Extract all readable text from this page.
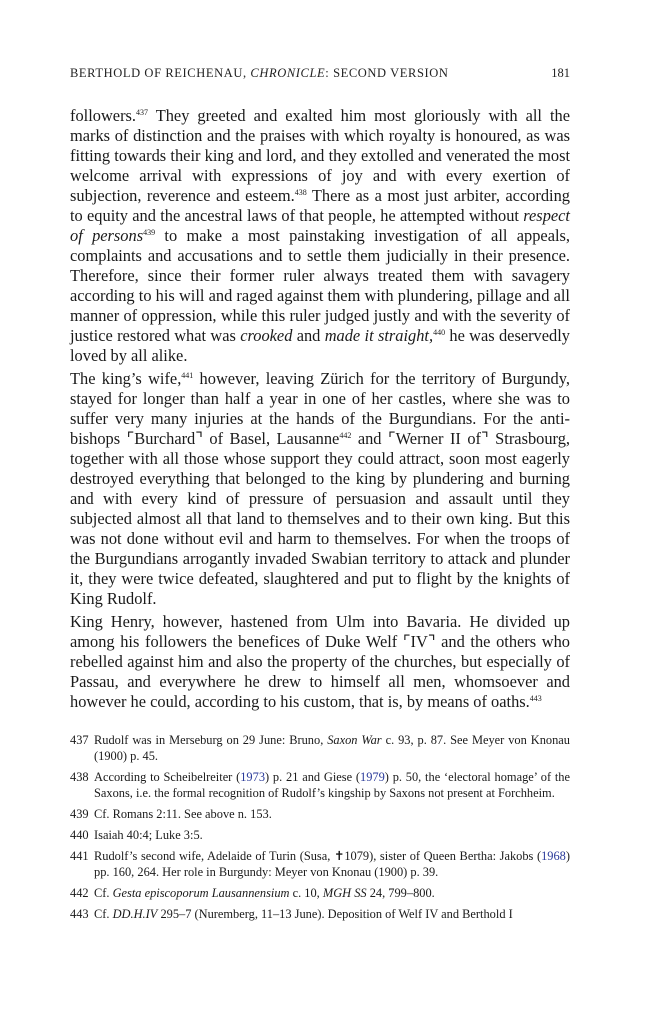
BERTHOLD OF REICHENAU, CHRONICLE: SECOND VERSION	181

followers.$^{437}$ They greeted and exalted him most gloriously with all the marks of distinction and the praises with which royalty is honoured, as was fitting towards their king and lord, and they extolled and venerated the most welcome arrival with expressions of joy and with every exertion of subjection, reverence and esteem.$^{438}$ There as a most just arbiter, according to equity and the ancestral laws of that people, he attempted without respect of persons$^{439}$ to make a most painstaking investigation of all appeals, complaints and accusations and to settle them judicially in their presence. Therefore, since their former ruler always treated them with savagery according to his will and raged against them with plundering, pillage and all manner of oppression, while this ruler judged justly and with the severity of justice restored what was crooked and made it straight,$^{440}$ he was deservedly loved by all alike.

The king’s wife,$^{441}$ however, leaving Zürich for the territory of Burgundy, stayed for longer than half a year in one of her castles, where she was to suffer very many injuries at the hands of the Burgundians. For the anti-bishops ⌜Burchard⌝ of Basel, Lausanne$^{442}$ and ⌜Werner II of⌝ Strasbourg, together with all those whose support they could attract, soon most eagerly destroyed everything that belonged to the king by plundering and burning and with every kind of pressure of persuasion and assault until they subjected almost all that land to themselves and to their own king. But this was not done without evil and harm to themselves. For when the troops of the Burgundians arrogantly invaded Swabian territory to attack and plunder it, they were twice defeated, slaughtered and put to flight by the knights of King Rudolf.

King Henry, however, hastened from Ulm into Bavaria. He divided up among his followers the benefices of Duke Welf ⌜IV⌝ and the others who rebelled against him and also the property of the churches, but especially of Passau, and everywhere he drew to himself all men, whomsoever and however he could, according to his custom, that is, by means of oaths.$^{443}$

437 Rudolf was in Merseburg on 29 June: Bruno, Saxon War c. 93, p. 87. See Meyer von Knonau (1900) p. 45.
438 According to Scheibelreiter (1973) p. 21 and Giese (1979) p. 50, the ‘electoral homage’ of the Saxons, i.e. the formal recognition of Rudolf’s kingship by Saxons not present at Forchheim.
439 Cf. Romans 2:11. See above n. 153.
440 Isaiah 40:4; Luke 3:5.
441 Rudolf’s second wife, Adelaide of Turin (Susa, ✝1079), sister of Queen Bertha: Jakobs (1968) pp. 160, 264. Her role in Burgundy: Meyer von Knonau (1900) p. 39.
442 Cf. Gesta episcoporum Lausannensium c. 10, MGH SS 24, 799–800.
443 Cf. DD.H.IV 295–7 (Nuremberg, 11–13 June). Deposition of Welf IV and Berthold I
